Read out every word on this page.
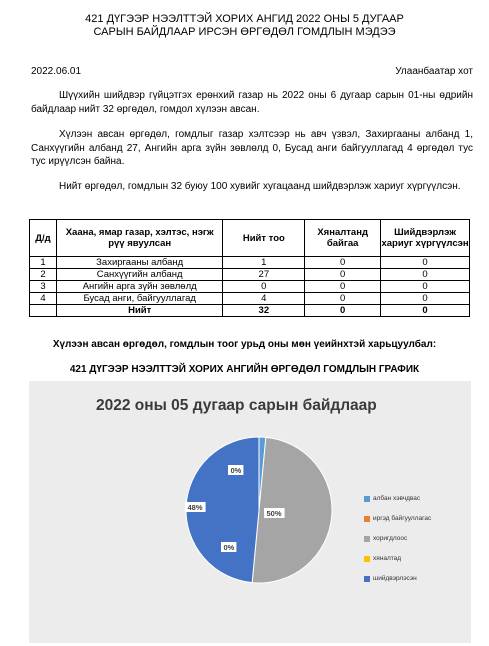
421 ДҮГЭЭР НЭЭЛТТЭЙ ХОРИХ АНГИД 2022 ОНЫ 5 ДУГААР
САРЫН БАЙДЛААР ИРСЭН ӨРГӨДӨЛ ГОМДЛЫН МЭДЭЭ
2022.06.01	Улаанбаатар хот

Шүүхийн шийдвэр гүйцэтгэх ерөнхий газар нь 2022 оны 6 дугаар сарын 01-ны өдрийн байдлаар нийт 32 өргөдөл, гомдол хүлээн авсан.

Хүлээн авсан өргөдөл, гомдлыг газар хэлтсээр нь авч үзвэл, Захиргааны албанд 1, Санхүүгийн албанд 27, Ангийн арга зүйн зөвлөлд 0, Бусад анги байгууллагад 4 өргөдөл тус тус ирүүлсэн байна.

Нийт өргөдөл, гомдлын 32 буюу 100 хувийг хугацаанд шийдвэрлэж хариуг хүргүүлсэн.

Д/д	Хаана, ямар газар, хэлтэс, нэгж рүү явуулсан	Нийт тоо	Хяналтанд байгаа	Шийдвэрлэж хариуг хүргүүлсэн
1	Захиргааны албанд	1	0	0
2	Санхүүгийн албанд	27	0	0
3	Ангийн арга зүйн зөвлөлд	0	0	0
4	Бусад анги, байгууллагад	4	0	0
	Нийт	32	0	0
Хүлээн авсан өргөдөл, гомдлын тоог урьд оны мөн үеийнхтэй харьцуулбал:
421 ДҮГЭЭР НЭЭЛТТЭЙ ХОРИХ АНГИЙН ӨРГӨДӨЛ ГОМДЛЫН ГРАФИК
0%
50%
0%
48%
2022 оны 05 дугаар сарын байдлаар
албан хэвчдвас
иргэд байгууллагас
хоригдлоос
хяналтад
шийдвэрлэсэн
